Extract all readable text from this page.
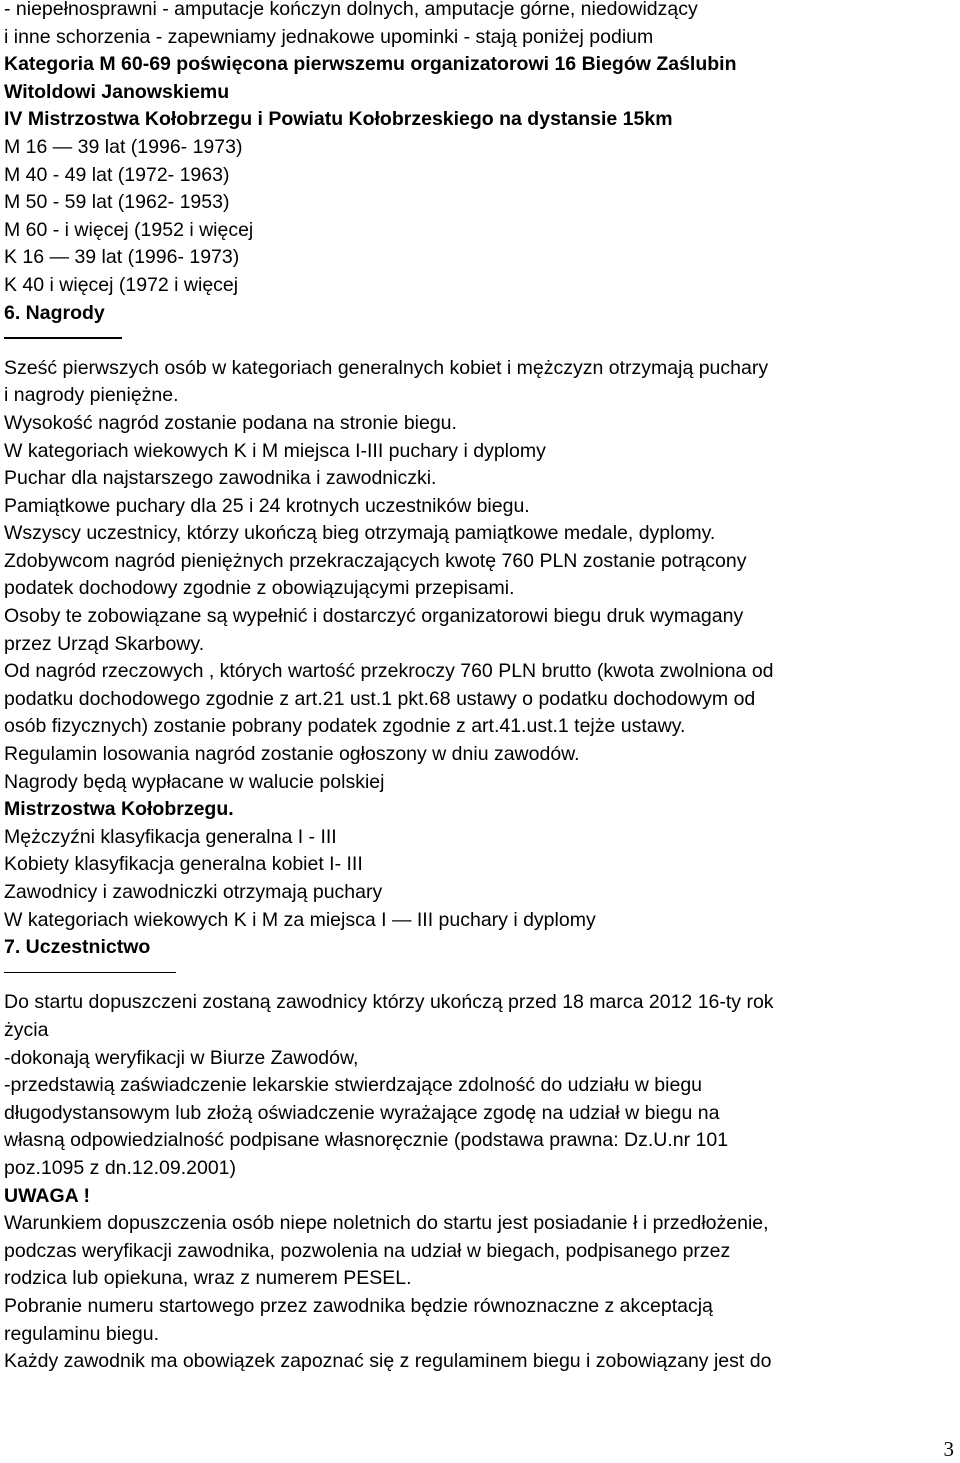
- niepełnosprawni - amputacje kończyn dolnych, amputacje górne, niedowidzący

i inne schorzenia - zapewniamy jednakowe upominki - stają poniżej podium

Kategoria M 60-69 poświęcona pierwszemu organizatorowi 16 Biegów Zaślubin

Witoldowi Janowskiemu

IV Mistrzostwa Kołobrzegu i Powiatu Kołobrzeskiego na dystansie 15km

M 16 — 39 lat (1996- 1973)

M 40 - 49 lat (1972- 1963)

M 50 - 59 lat (1962- 1953)

M 60 - i więcej (1952 i więcej

K 16 — 39 lat (1996- 1973)

K 40 i więcej (1972 i więcej

6. Nagrody

Sześć pierwszych osób w kategoriach generalnych kobiet i mężczyzn otrzymają puchary

i nagrody pieniężne.

Wysokość nagród zostanie podana na stronie biegu.

W kategoriach wiekowych K i M miejsca I-III puchary i dyplomy

Puchar dla najstarszego zawodnika i zawodniczki.

Pamiątkowe puchary dla 25 i 24 krotnych uczestników biegu.

Wszyscy uczestnicy, którzy ukończą bieg otrzymają pamiątkowe medale, dyplomy.

Zdobywcom nagród pieniężnych przekraczających kwotę 760 PLN zostanie potrącony

podatek dochodowy zgodnie z obowiązującymi przepisami.

Osoby te zobowiązane są wypełnić i dostarczyć organizatorowi biegu druk wymagany

przez Urząd Skarbowy.

Od nagród rzeczowych , których wartość przekroczy 760 PLN brutto (kwota zwolniona od

podatku dochodowego zgodnie z art.21 ust.1 pkt.68 ustawy o podatku dochodowym od

osób fizycznych) zostanie pobrany podatek zgodnie z art.41.ust.1 tejże ustawy.

Regulamin losowania nagród zostanie ogłoszony w dniu zawodów.

Nagrody będą wypłacane w walucie polskiej

Mistrzostwa Kołobrzegu.

Mężczyźni klasyfikacja generalna I - III

Kobiety klasyfikacja generalna kobiet I- III

Zawodnicy i zawodniczki otrzymają puchary

W kategoriach wiekowych K i M za miejsca I — III puchary i dyplomy

7. Uczestnictwo

Do startu dopuszczeni zostaną zawodnicy którzy ukończą przed 18 marca 2012 16-ty rok

życia

-dokonają weryfikacji w Biurze Zawodów,

-przedstawią zaświadczenie lekarskie stwierdzające zdolność do udziału w biegu

długodystansowym lub złożą oświadczenie wyrażające zgodę na udział w biegu na

własną odpowiedzialność podpisane własnoręcznie (podstawa prawna: Dz.U.nr 101

poz.1095 z dn.12.09.2001)

UWAGA !

Warunkiem dopuszczenia osób niepe noletnich do startu jest posiadanie ł i przedłożenie,

podczas weryfikacji zawodnika, pozwolenia na udział w biegach, podpisanego przez

rodzica lub opiekuna, wraz z numerem PESEL.

Pobranie numeru startowego przez zawodnika będzie równoznaczne z akceptacją

regulaminu biegu.

Każdy zawodnik ma obowiązek zapoznać się z regulaminem biegu i zobowiązany jest do

3
